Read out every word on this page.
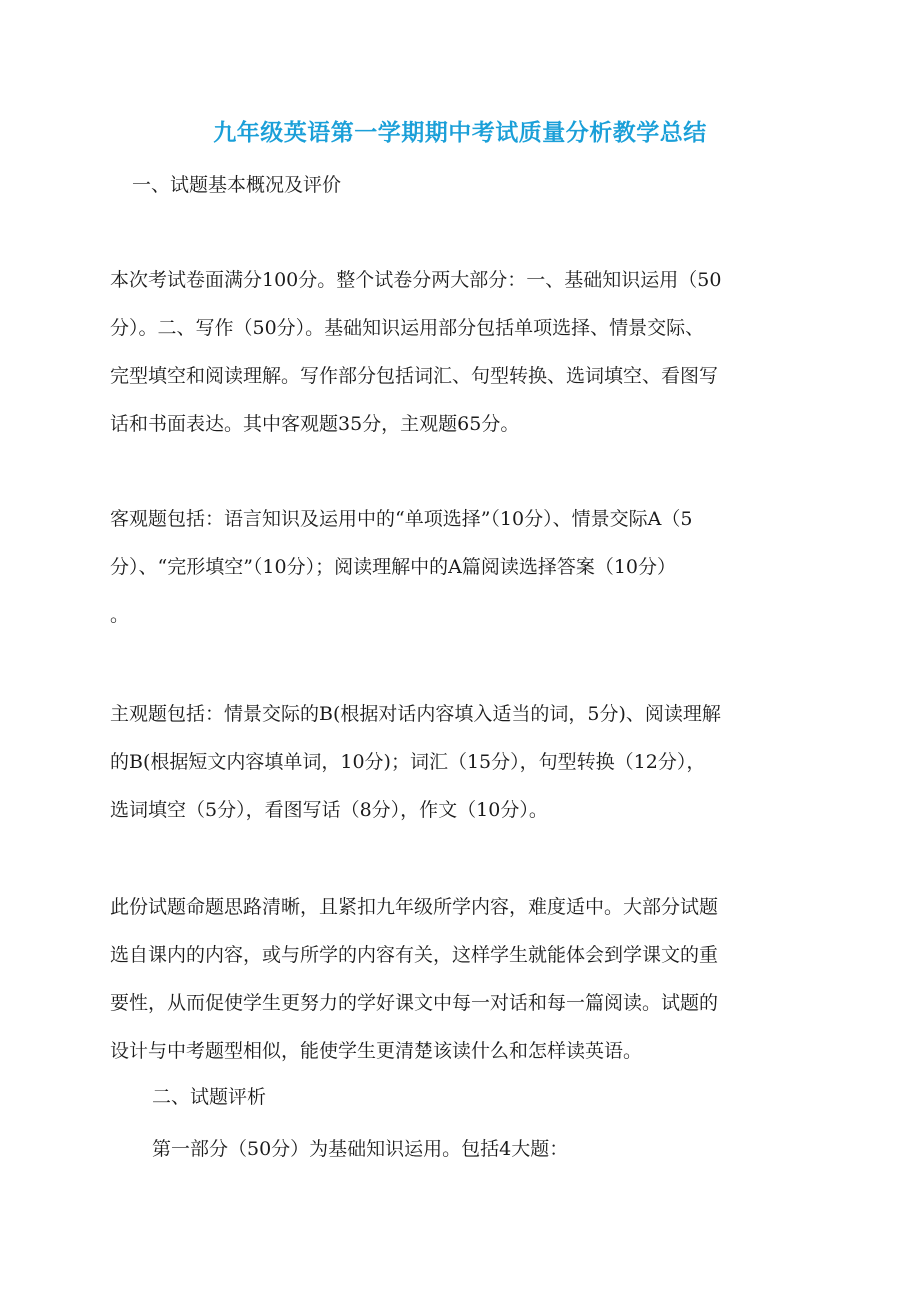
九年级英语第一学期期中考试质量分析教学总结
一、试题基本概况及评价
本次考试卷面满分100分。整个试卷分两大部分：一、基础知识运用（50
分）。二、写作（50分）。基础知识运用部分包括单项选择、情景交际、
完型填空和阅读理解。写作部分包括词汇、句型转换、选词填空、看图写
话和书面表达。其中客观题35分，主观题65分。
客观题包括：语言知识及运用中的“单项选择”（10分）、情景交际A（5
分）、“完形填空”（10分）；阅读理解中的A篇阅读选择答案（10分）
。
主观题包括：情景交际的B(根据对话内容填入适当的词，5分)、阅读理解
的B(根据短文内容填单词，10分)；词汇（15分），句型转换（12分），
选词填空（5分），看图写话（8分），作文（10分）。
此份试题命题思路清晰，且紧扣九年级所学内容，难度适中。大部分试题
选自课内的内容，或与所学的内容有关，这样学生就能体会到学课文的重
要性，从而促使学生更努力的学好课文中每一对话和每一篇阅读。试题的
设计与中考题型相似，能使学生更清楚该读什么和怎样读英语。
二、试题评析
第一部分（50分）为基础知识运用。包括4大题：
